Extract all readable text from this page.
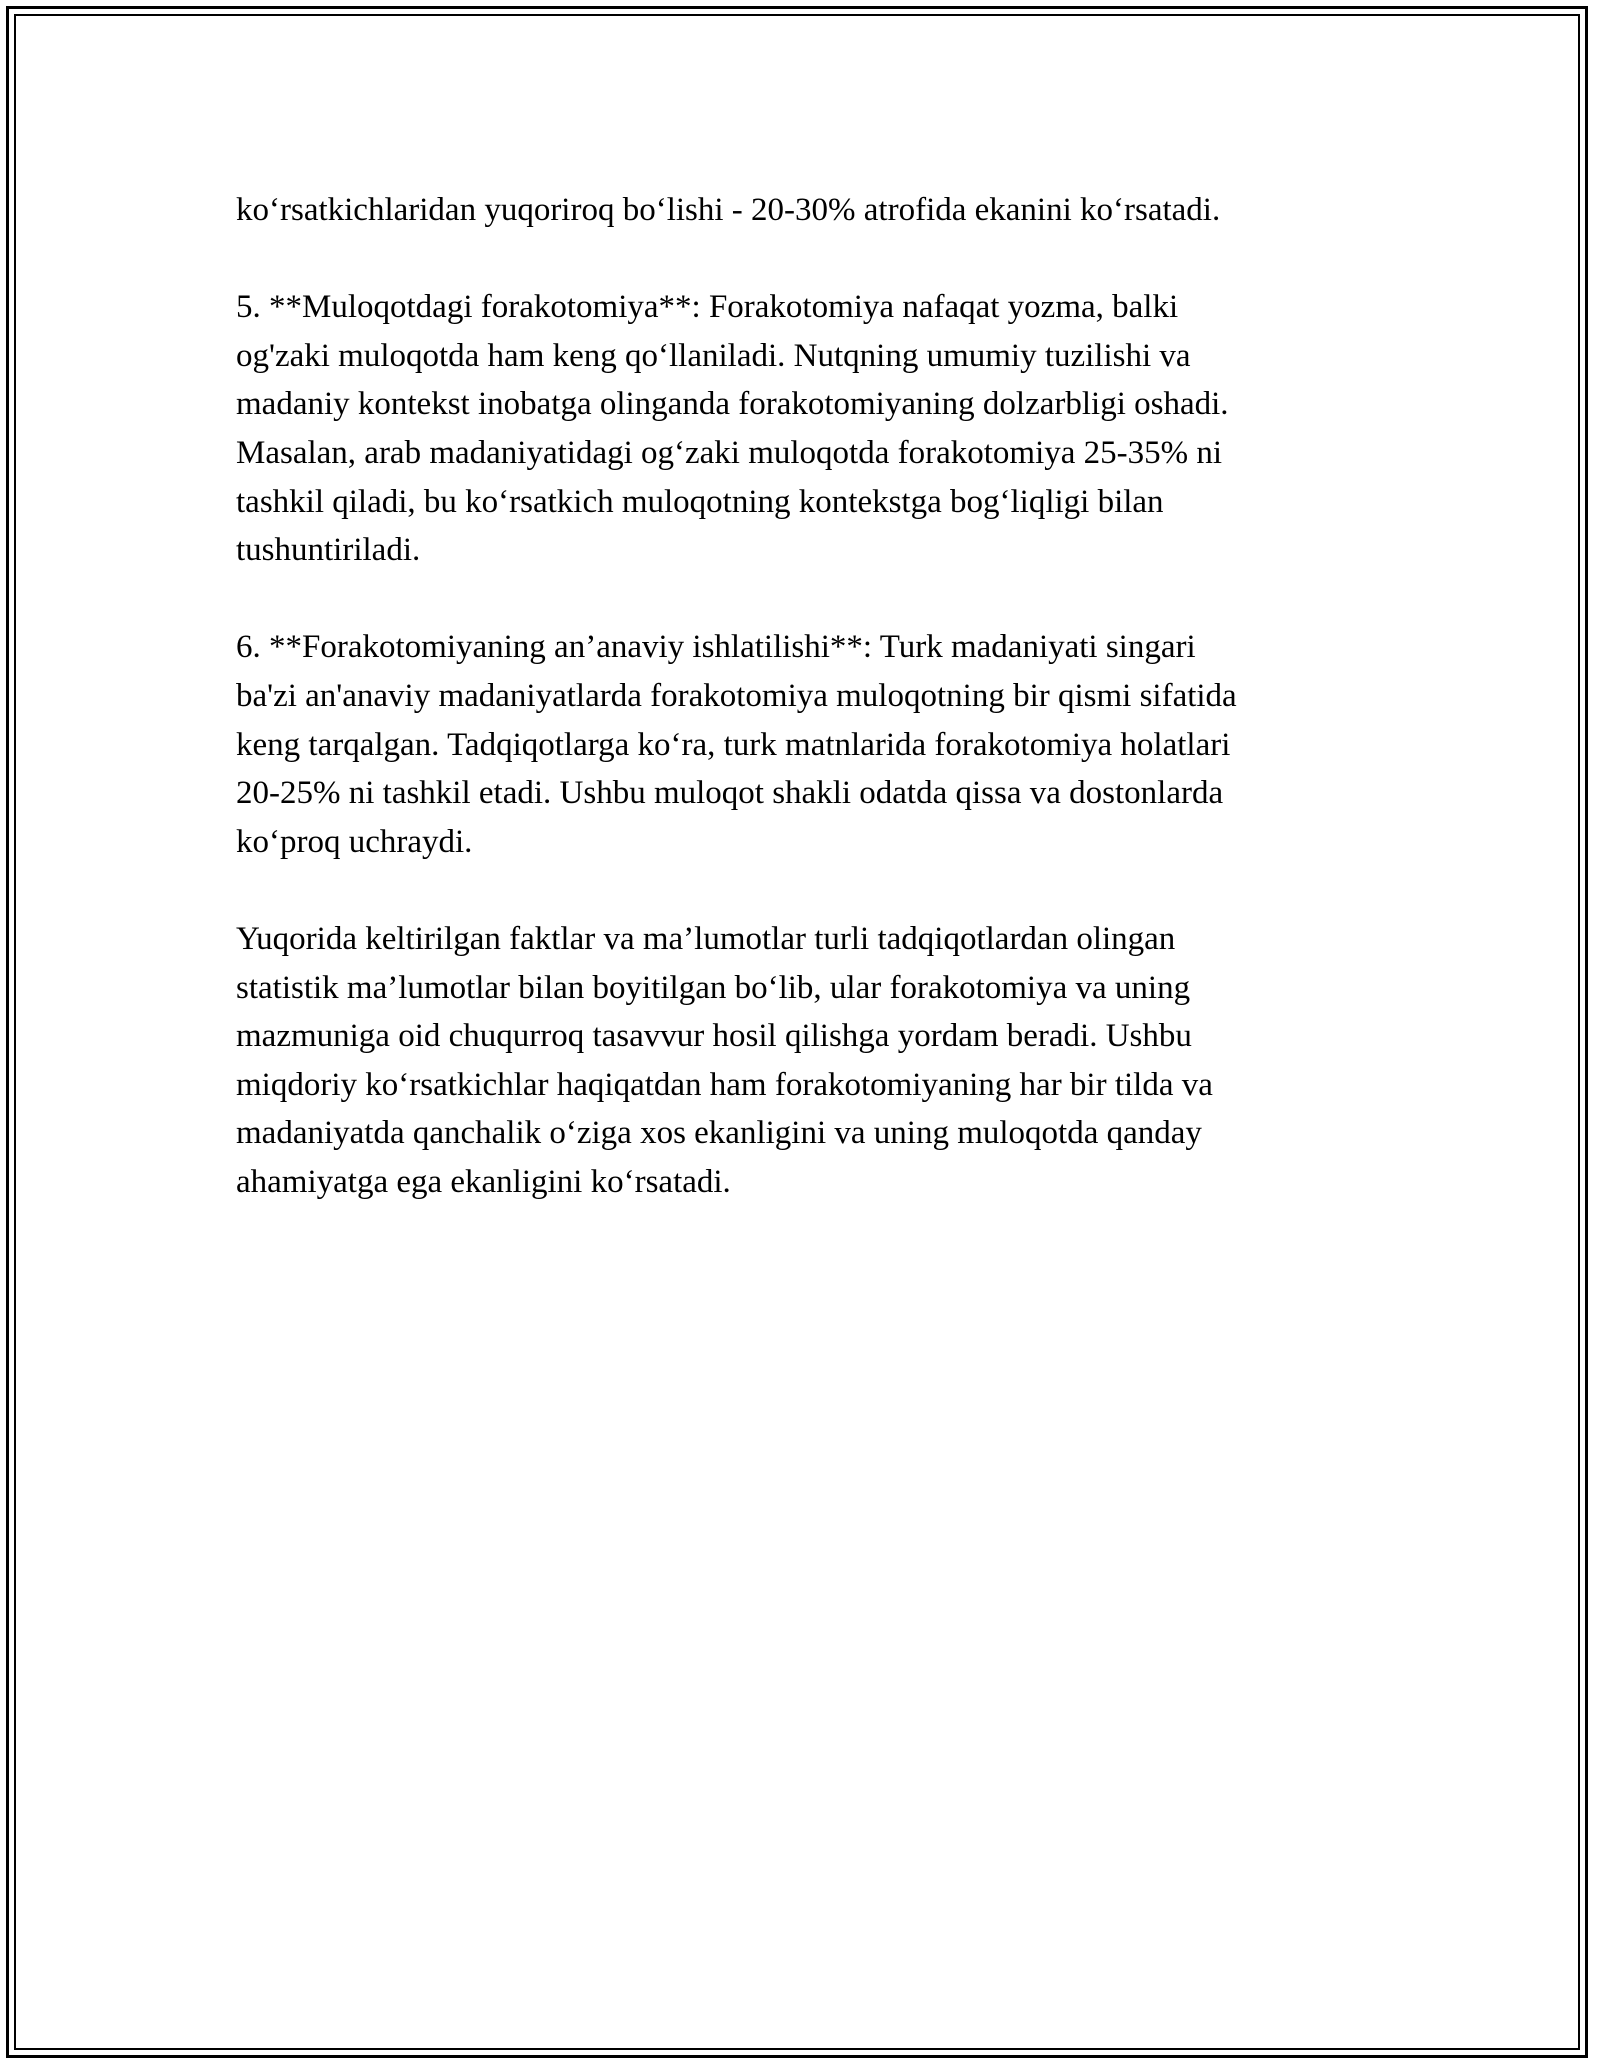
ko‘rsatkichlaridan yuqoriroq bo‘lishi - 20-30% atrofida ekanini ko‘rsatadi.

5. **Muloqotdagi forakotomiya**: Forakotomiya nafaqat yozma, balki
og'zaki muloqotda ham keng qo‘llaniladi. Nutqning umumiy tuzilishi va
madaniy kontekst inobatga olinganda forakotomiyaning dolzarbligi oshadi.
Masalan, arab madaniyatidagi og‘zaki muloqotda forakotomiya 25-35% ni
tashkil qiladi, bu ko‘rsatkich muloqotning kontekstga bog‘liqligi bilan
tushuntiriladi.

6. **Forakotomiyaning an’anaviy ishlatilishi**: Turk madaniyati singari
ba'zi an'anaviy madaniyatlarda forakotomiya muloqotning bir qismi sifatida
keng tarqalgan. Tadqiqotlarga ko‘ra, turk matnlarida forakotomiya holatlari
20-25% ni tashkil etadi. Ushbu muloqot shakli odatda qissa va dostonlarda
ko‘proq uchraydi.

Yuqorida keltirilgan faktlar va ma’lumotlar turli tadqiqotlardan olingan
statistik ma’lumotlar bilan boyitilgan bo‘lib, ular forakotomiya va uning
mazmuniga oid chuqurroq tasavvur hosil qilishga yordam beradi. Ushbu
miqdoriy ko‘rsatkichlar haqiqatdan ham forakotomiyaning har bir tilda va
madaniyatda qanchalik o‘ziga xos ekanligini va uning muloqotda qanday
ahamiyatga ega ekanligini ko‘rsatadi.
